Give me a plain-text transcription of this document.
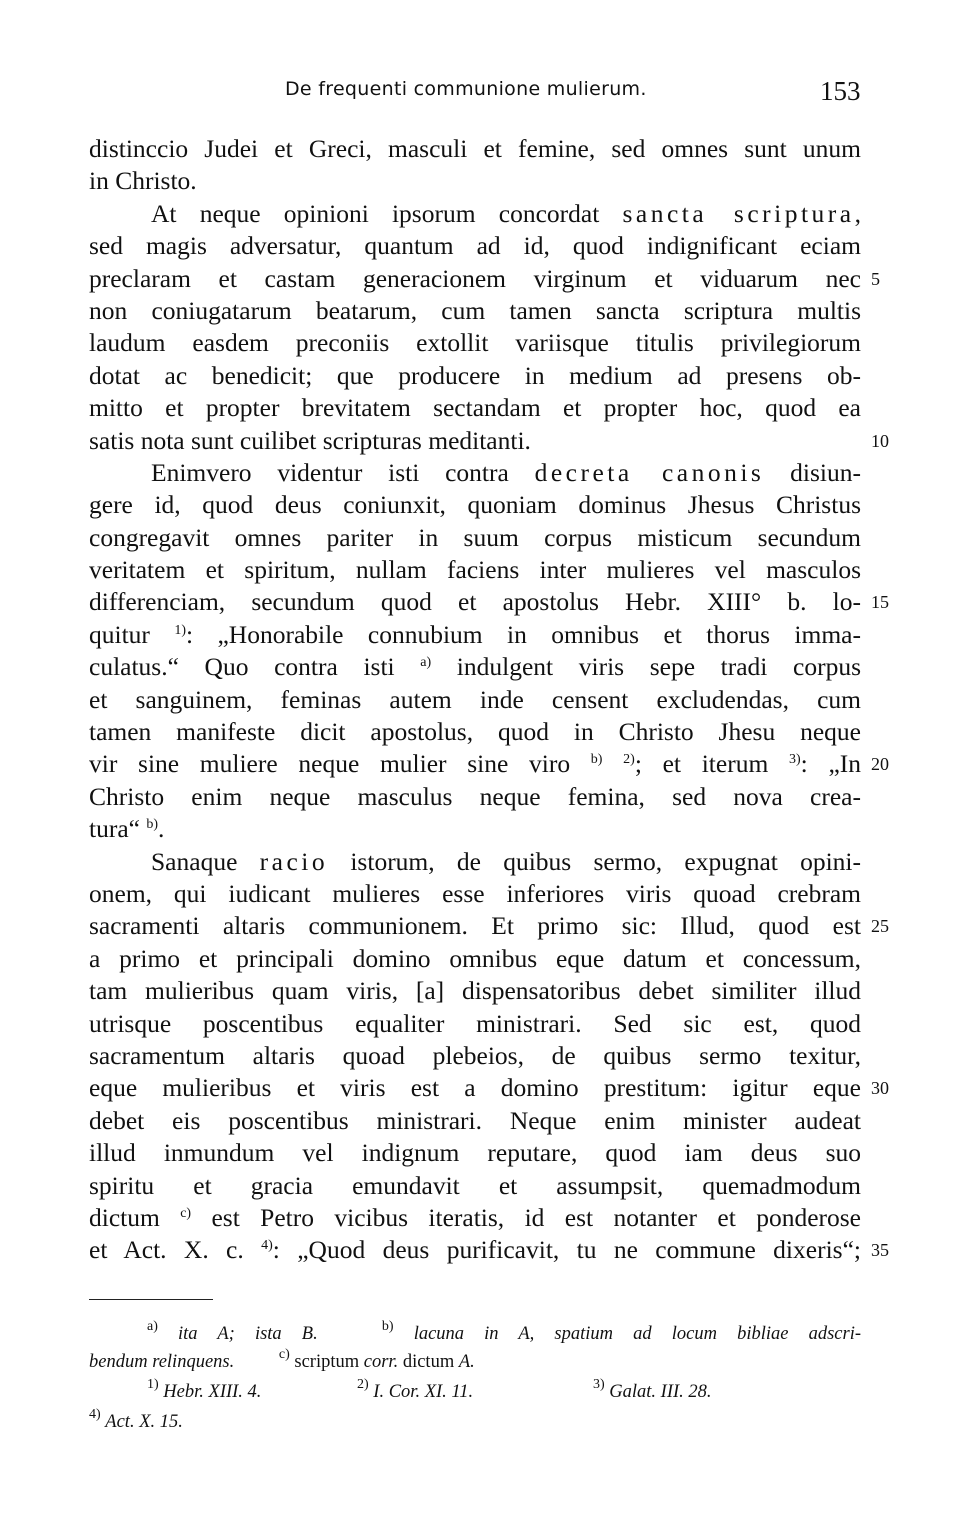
De frequenti communione mulierum.	153
distinccio Judei et Greci, masculi et femine, sed omnes sunt unum
in Christo.
At neque opinioni ipsorum concordat sancta scriptura,
sed magis adversatur, quantum ad id, quod indignificant eciam
preclaram et castam generacionem virginum et viduarum nec 5
non coniugatarum beatarum, cum tamen sancta scriptura multis
laudum easdem preconiis extollit variisque titulis privilegiorum
dotat ac benedicit; que producere in medium ad presens ob-
mitto et propter brevitatem sectandam et propter hoc, quod ea
satis nota sunt cuilibet scripturas meditanti.	10
Enimvero videntur isti contra decreta canonis disiun-
gere id, quod deus coniunxit, quoniam dominus Jhesus Christus
congregavit omnes pariter in suum corpus misticum secundum
veritatem et spiritum, nullam faciens inter mulieres vel masculos
differenciam, secundum quod et apostolus Hebr. XIII° b. lo- 15
quitur $^{1)}$: „Honorabile connubium in omnibus et thorus imma-
culatus.“ Quo contra isti $^{a)}$ indulgent viris sepe tradi corpus
et sanguinem, feminas autem inde censent excludendas, cum
tamen manifeste dicit apostolus, quod in Christo Jhesu neque
vir sine muliere neque mulier sine viro $^{b)}$ $^{2)}$; et iterum $^{3)}$: „In 20
Christo enim neque masculus neque femina, sed nova crea-
tura“ $^{b)}$.
Sanaque racio istorum, de quibus sermo, expugnat opini-
onem, qui iudicant mulieres esse inferiores viris quoad crebram
sacramenti altaris communionem. Et primo sic: Illud, quod est 25
a primo et principali domino omnibus eque datum et concessum,
tam mulieribus quam viris, [a] dispensatoribus debet similiter illud
utrisque poscentibus equaliter ministrari. Sed sic est, quod
sacramentum altaris quoad plebeios, de quibus sermo texitur,
eque mulieribus et viris est a domino prestitum: igitur eque 30
debet eis poscentibus ministrari. Neque enim minister audeat
illud inmundum vel indignum reputare, quod iam deus suo
spiritu et gracia emundavit et assumpsit, quemadmodum
dictum $^{c)}$ est Petro vicibus iteratis, id est notanter et ponderose
et Act. X. c. $^{4)}$: „Quod deus purificavit, tu ne commune dixeris“; 35
$^{a)}$ ita A; ista B.	$^{b)}$ lacuna in A, spatium ad locum bibliae adscri-
bendum relinquens.	$^{c)}$ scriptum corr. dictum A.
$^{1)}$ Hebr. XIII. 4.	$^{2)}$ I. Cor. XI. 11.	$^{3)}$ Galat. III. 28.
$^{4)}$ Act. X. 15.
